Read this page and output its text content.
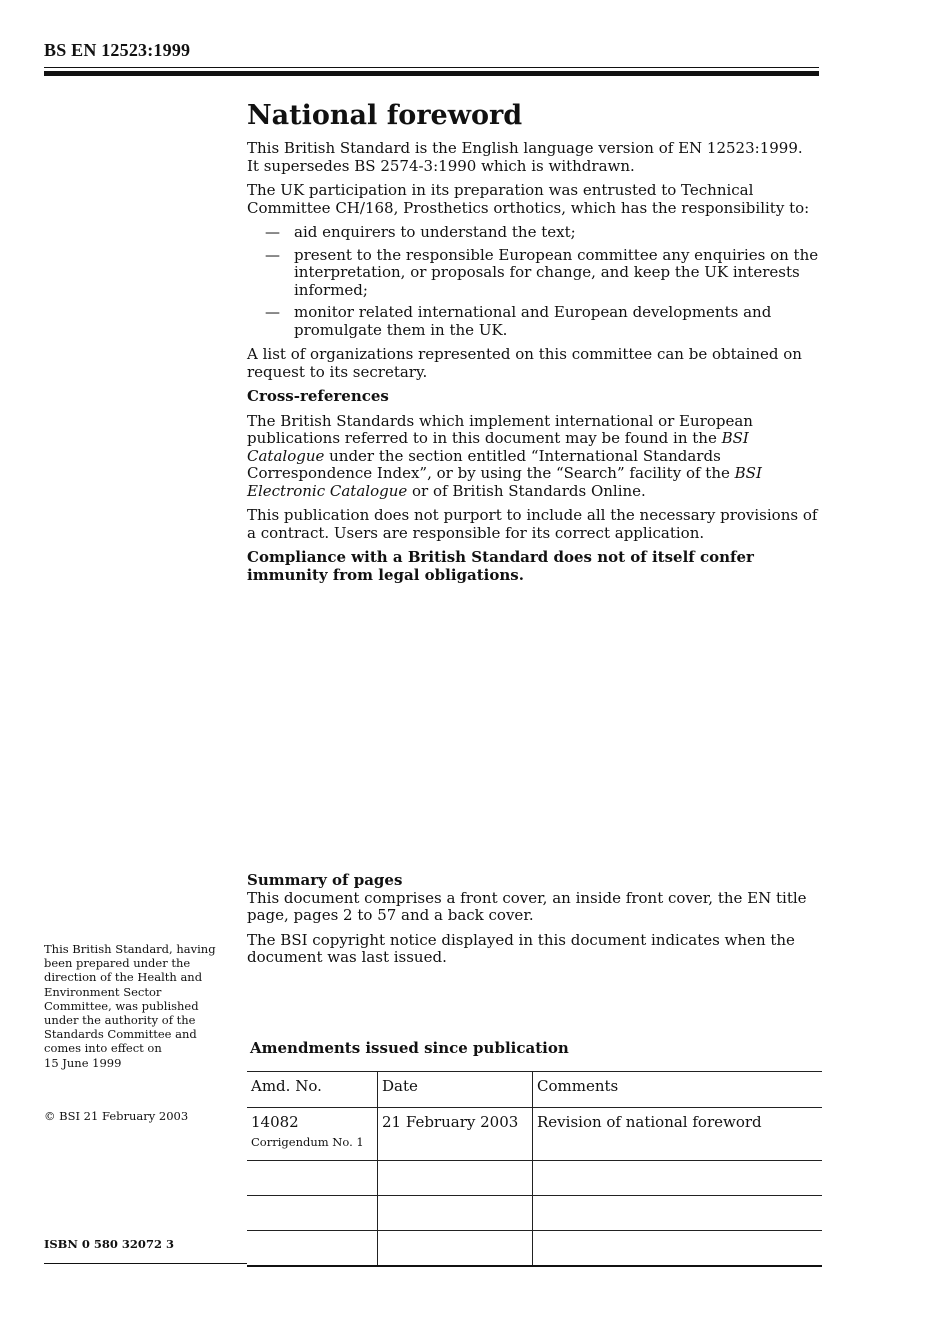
BS EN 12523:1999
National foreword

This British Standard is the English language version of EN 12523:1999.
It supersedes BS 2574-3:1990 which is withdrawn.

The UK participation in its preparation was entrusted to Technical Committee CH/168, Prosthetics orthotics, which has the responsibility to:

— aid enquirers to understand the text;
— present to the responsible European committee any enquiries on the interpretation, or proposals for change, and keep the UK interests informed;
— monitor related international and European developments and promulgate them in the UK.

A list of organizations represented on this committee can be obtained on request to its secretary.

Cross-references

The British Standards which implement international or European publications referred to in this document may be found in the BSI Catalogue under the section entitled “International Standards Correspondence Index”, or by using the “Search” facility of the BSI Electronic Catalogue or of British Standards Online.

This publication does not purport to include all the necessary provisions of a contract. Users are responsible for its correct application.

Compliance with a British Standard does not of itself confer immunity from legal obligations.

Summary of pages

This document comprises a front cover, an inside front cover, the EN title page, pages 2 to 57 and a back cover.

The BSI copyright notice displayed in this document indicates when the document was last issued.

This British Standard, having been prepared under the direction of the Health and Environment Sector Committee, was published under the authority of the Standards Committee and comes into effect on
15 June 1999
© BSI 21 February 2003
ISBN 0 580 32072 3
Amendments issued since publication
Amd. No.	Date	Comments
14082
Corrigendum No. 1	21 February 2003	Revision of national foreword
